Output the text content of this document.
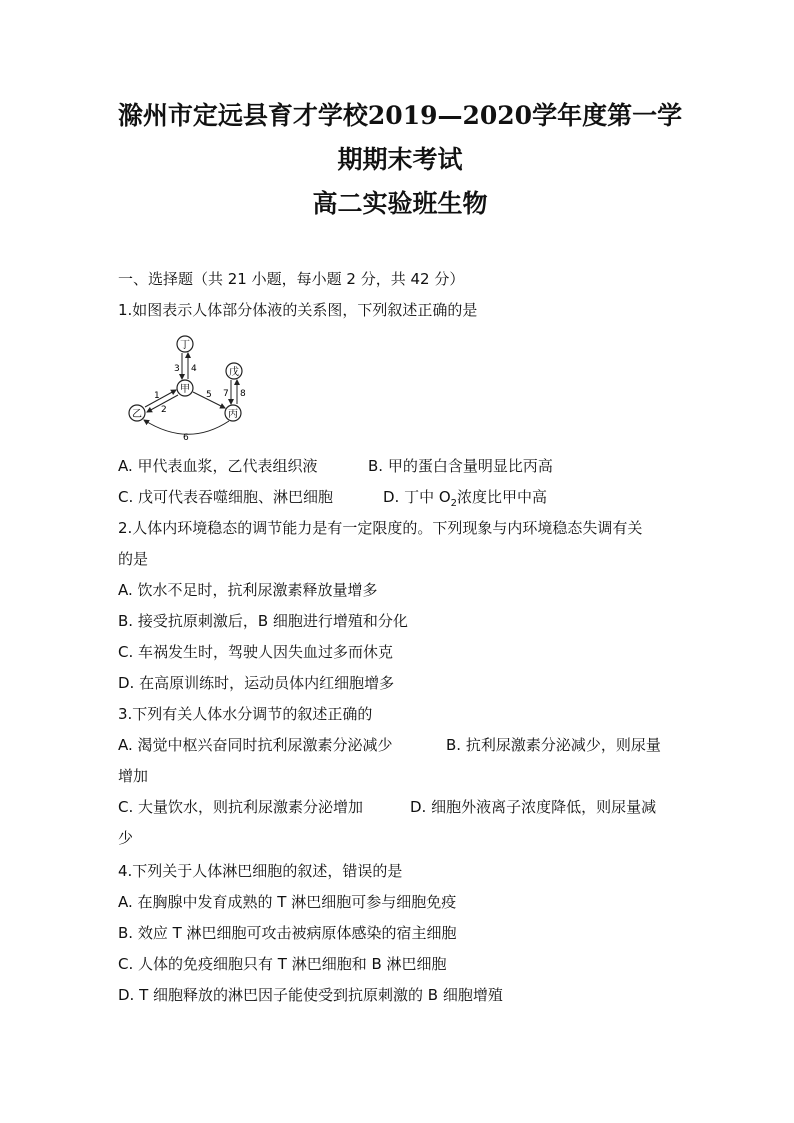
滁州市定远县育才学校2019—2020学年度第一学
期期末考试
高二实验班生物
一、选择题（共 21 小题，每小题 2 分，共 42 分）
1.如图表示人体部分体液的关系图，下列叙述正确的是
丁
甲
乙	丙
戊
3 4
7 8
1
2
5
6
A. 甲代表血浆，乙代表组织液	B. 甲的蛋白含量明显比丙高
C. 戊可代表吞噬细胞、淋巴细胞	D. 丁中 $O_2$浓度比甲中高
2.人体内环境稳态的调节能力是有一定限度的。下列现象与内环境稳态失调有关
的是
A. 饮水不足时，抗利尿激素释放量增多
B. 接受抗原刺激后，B 细胞进行增殖和分化
C. 车祸发生时，驾驶人因失血过多而休克
D. 在高原训练时，运动员体内红细胞增多
3.下列有关人体水分调节的叙述正确的
A. 渴觉中枢兴奋同时抗利尿激素分泌减少	B. 抗利尿激素分泌减少，则尿量
增加
C. 大量饮水，则抗利尿激素分泌增加	D. 细胞外液离子浓度降低，则尿量减
少
4.下列关于人体淋巴细胞的叙述，错误的是
A. 在胸腺中发育成熟的 T 淋巴细胞可参与细胞免疫
B. 效应 T 淋巴细胞可攻击被病原体感染的宿主细胞
C. 人体的免疫细胞只有 T 淋巴细胞和 B 淋巴细胞
D. T 细胞释放的淋巴因子能使受到抗原刺激的 B 细胞增殖
